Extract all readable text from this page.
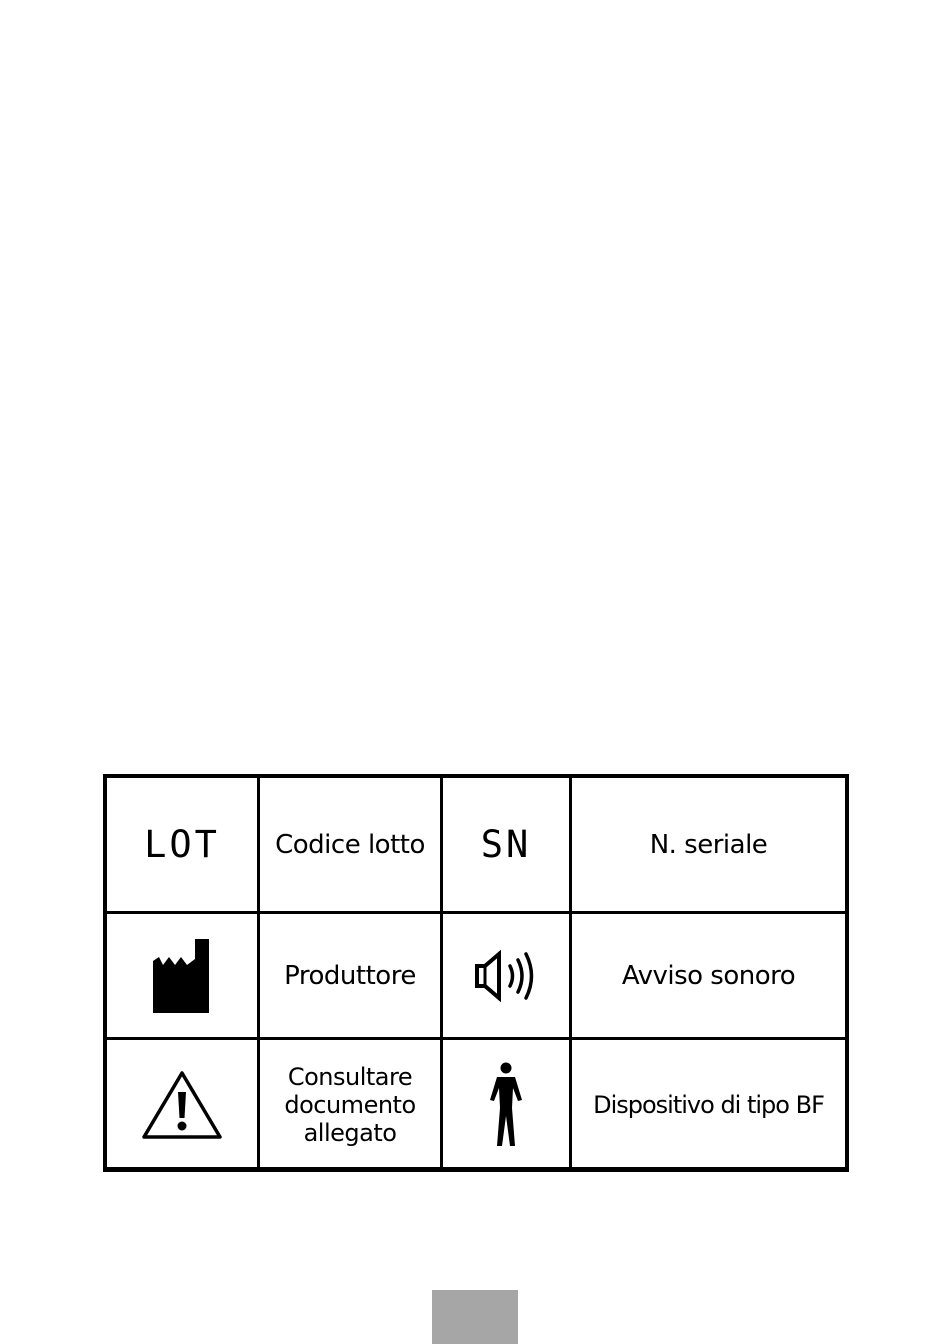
LOT Codice lotto SN	N. seriale
Produttore	Avviso sonoro
Consultare
documento
allegato
Dispositivo di tipo BF
